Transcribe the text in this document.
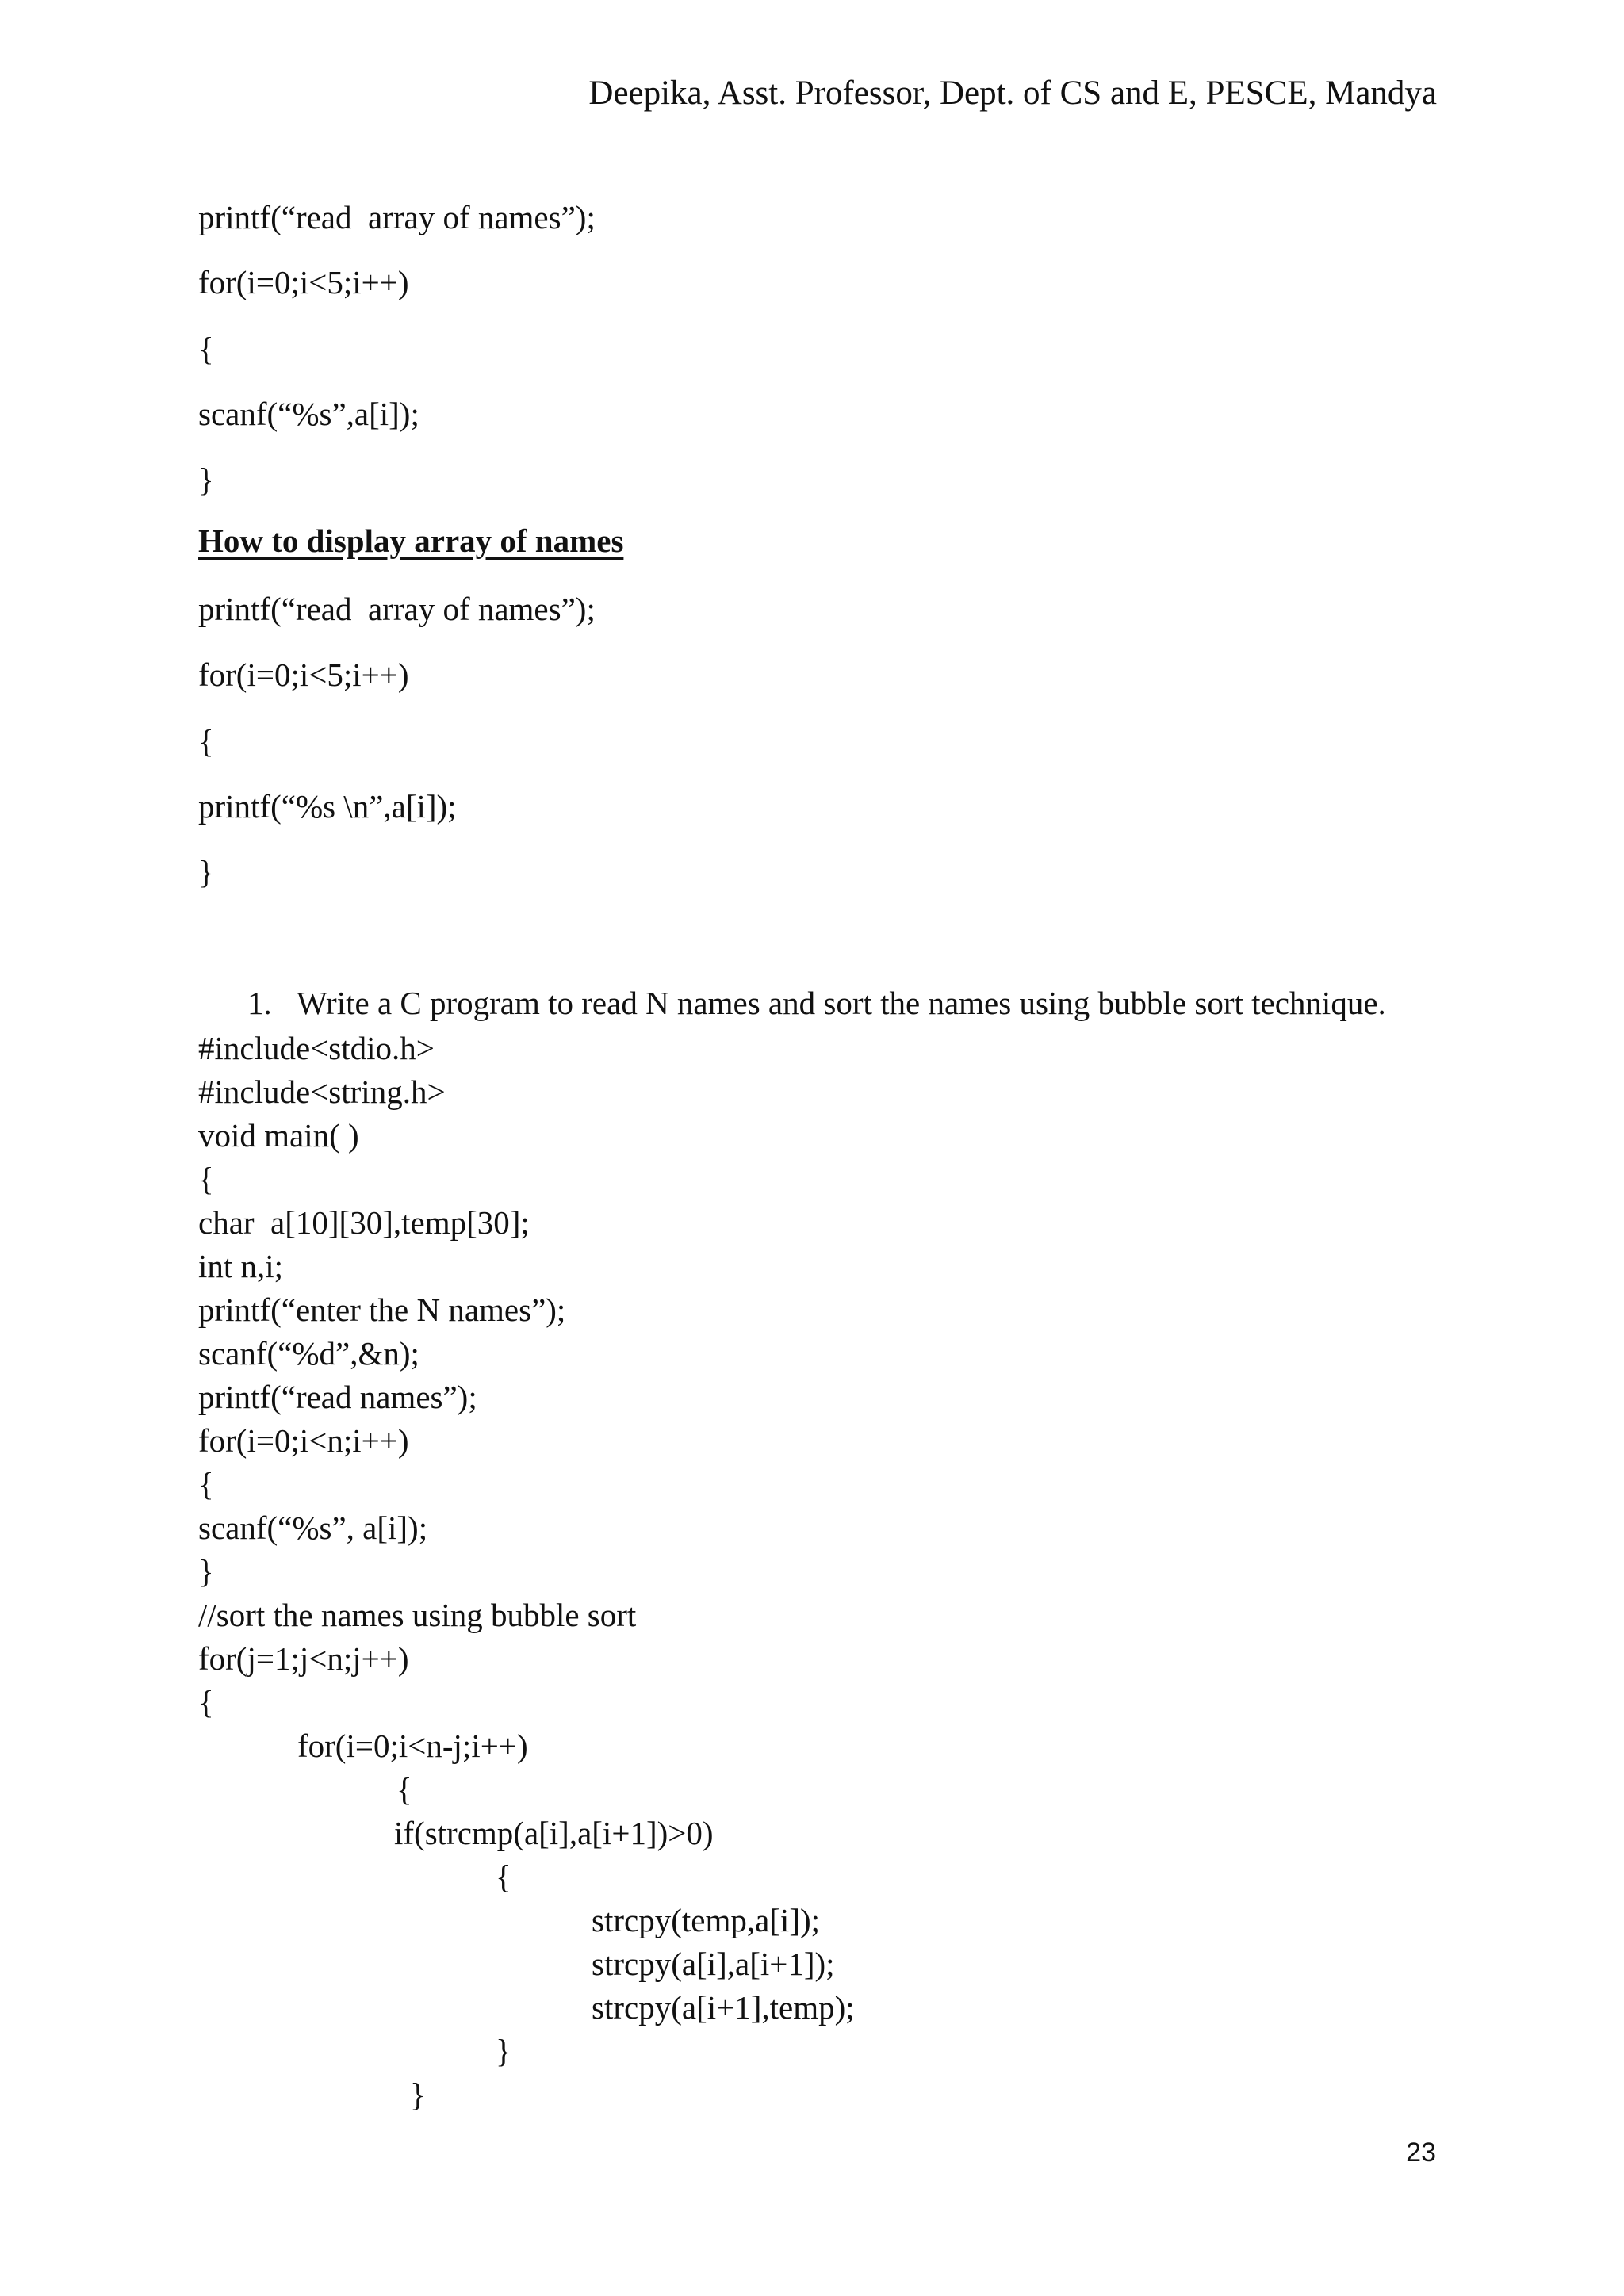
Deepika, Asst. Professor, Dept. of CS and E, PESCE, Mandya
printf(“read  array of names”);
for(i=0;i<5;i++)
{
scanf(“%s”,a[i]);
}
How to display array of names
printf(“read  array of names”);
for(i=0;i<5;i++)
{
printf(“%s \n”,a[i]);
}
1. Write a C program to read N names and sort the names using bubble sort technique.
#include<stdio.h>
#include<string.h>
void main( )
{
char  a[10][30],temp[30];
int n,i;
printf(“enter the N names”);
scanf(“%d”,&n);
printf(“read names”);
for(i=0;i<n;i++)
{
scanf(“%s”, a[i]);
}
//sort the names using bubble sort
for(j=1;j<n;j++)
{
for(i=0;i<n-j;i++)
{
if(strcmp(a[i],a[i+1])>0)
{
strcpy(temp,a[i]);
strcpy(a[i],a[i+1]);
strcpy(a[i+1],temp);
}
}
23
